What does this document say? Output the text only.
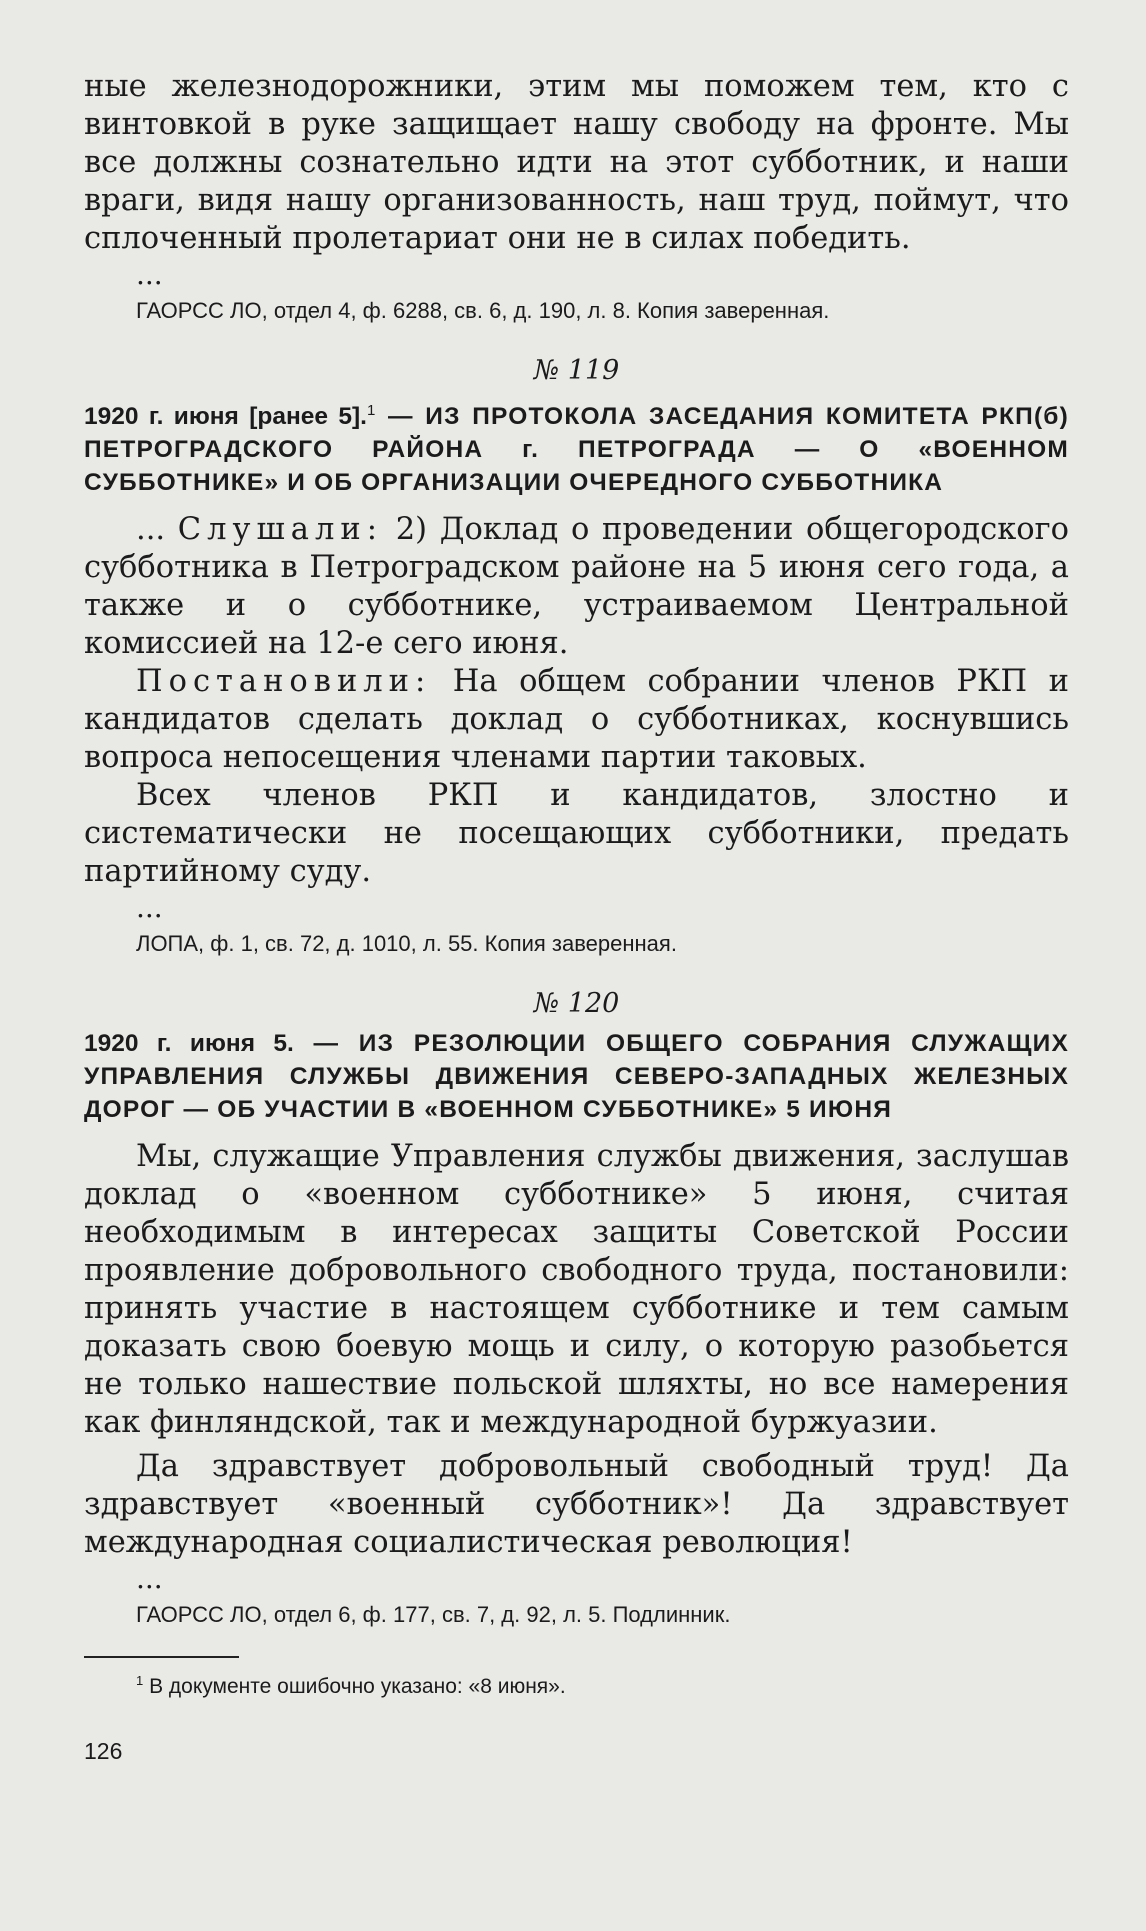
ные железнодорожники, этим мы поможем тем, кто с винтовкой в руке защищает нашу свободу на фронте. Мы все должны сознательно идти на этот субботник, и наши враги, видя нашу организованность, наш труд, поймут, что сплоченный пролетариат они не в силах победить.

...

ГАОРСС ЛО, отдел 4, ф. 6288, св. 6, д. 190, л. 8. Копия заверенная.

№ 119

1920 г. июня [ранее 5].$^1$ — ИЗ ПРОТОКОЛА ЗАСЕДАНИЯ КОМИТЕТА РКП(б) ПЕТРОГРАДСКОГО РАЙОНА г. ПЕТРОГРАДА — О «ВОЕННОМ СУББОТНИКЕ» И ОБ ОРГАНИЗАЦИИ ОЧЕРЕДНОГО СУББОТНИКА

... Слушали: 2) Доклад о проведении общегородского субботника в Петроградском районе на 5 июня сего года, а также и о субботнике, устраиваемом Центральной комиссией на 12-е сего июня.

Постановили: На общем собрании членов РКП и кандидатов сделать доклад о субботниках, коснувшись вопроса непосещения членами партии таковых.

Всех членов РКП и кандидатов, злостно и систематически не посещающих субботники, предать партийному суду.

...

ЛОПА, ф. 1, св. 72, д. 1010, л. 55. Копия заверенная.

№ 120

1920 г. июня 5. — ИЗ РЕЗОЛЮЦИИ ОБЩЕГО СОБРАНИЯ СЛУЖАЩИХ УПРАВЛЕНИЯ СЛУЖБЫ ДВИЖЕНИЯ СЕВЕРО-ЗАПАДНЫХ ЖЕЛЕЗНЫХ ДОРОГ — ОБ УЧАСТИИ В «ВОЕННОМ СУББОТНИКЕ» 5 ИЮНЯ

Мы, служащие Управления службы движения, заслушав доклад о «военном субботнике» 5 июня, считая необходимым в интересах защиты Советской России проявление добровольного свободного труда, постановили: принять участие в настоящем субботнике и тем самым доказать свою боевую мощь и силу, о которую разобьется не только нашествие польской шляхты, но все намерения как финляндской, так и международной буржуазии.

Да здравствует добровольный свободный труд! Да здравствует «военный субботник»! Да здравствует международная социалистическая революция!

...

ГАОРСС ЛО, отдел 6, ф. 177, св. 7, д. 92, л. 5. Подлинник.

$^1$ В документе ошибочно указано: «8 июня».

126
